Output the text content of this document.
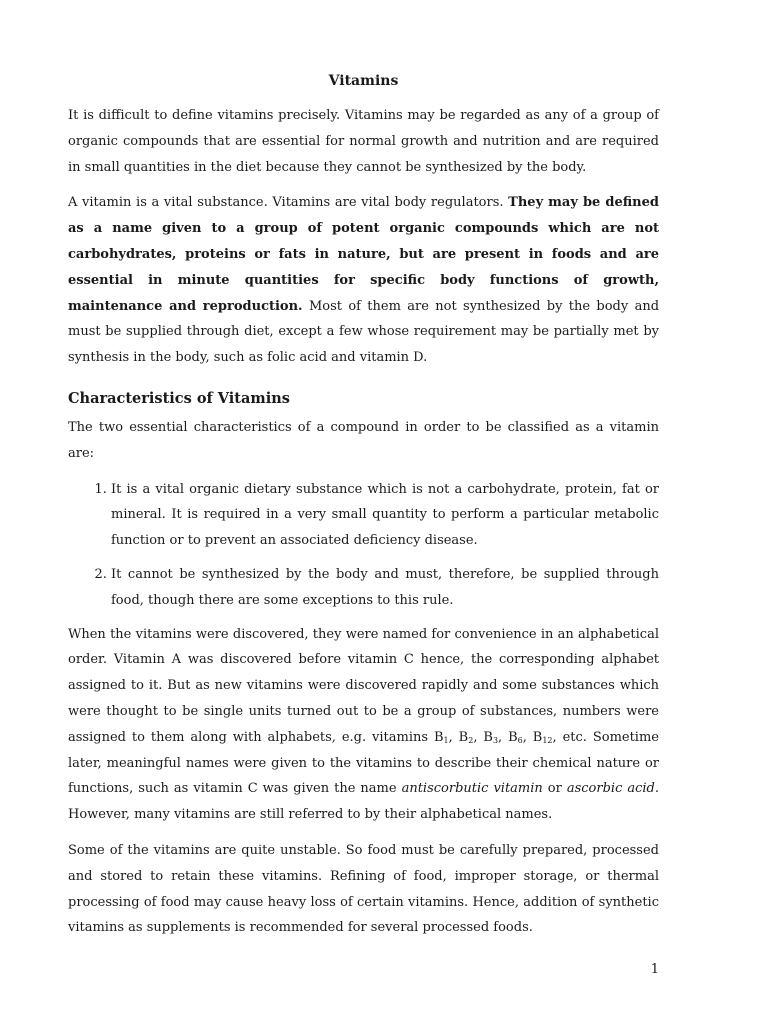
Vitamins

It is difficult to define vitamins precisely. Vitamins may be regarded as any of a group of organic compounds that are essential for normal growth and nutrition and are required in small quantities in the diet because they cannot be synthesized by the body.

A vitamin is a vital substance. Vitamins are vital body regulators. They may be defined as a name given to a group of potent organic compounds which are not carbohydrates, proteins or fats in nature, but are present in foods and are essential in minute quantities for specific body functions of growth, maintenance and reproduction. Most of them are not synthesized by the body and must be supplied through diet, except a few whose requirement may be partially met by synthesis in the body, such as folic acid and vitamin D.

Characteristics of Vitamins

The two essential characteristics of a compound in order to be classified as a vitamin are:

1. It is a vital organic dietary substance which is not a carbohydrate, protein, fat or mineral. It is required in a very small quantity to perform a particular metabolic function or to prevent an associated deficiency disease.
2. It cannot be synthesized by the body and must, therefore, be supplied through food, though there are some exceptions to this rule.

When the vitamins were discovered, they were named for convenience in an alphabetical order. Vitamin A was discovered before vitamin C hence, the corresponding alphabet assigned to it. But as new vitamins were discovered rapidly and some substances which were thought to be single units turned out to be a group of substances, numbers were assigned to them along with alphabets, e.g. vitamins $B_1$, $B_2$, $B_3$, $B_6$, $B_{12}$, etc. Sometime later, meaningful names were given to the vitamins to describe their chemical nature or functions, such as vitamin C was given the name antiscorbutic vitamin or ascorbic acid. However, many vitamins are still referred to by their alphabetical names.

Some of the vitamins are quite unstable. So food must be carefully prepared, processed and stored to retain these vitamins. Refining of food, improper storage, or thermal processing of food may cause heavy loss of certain vitamins. Hence, addition of synthetic vitamins as supplements is recommended for several processed foods.

1
